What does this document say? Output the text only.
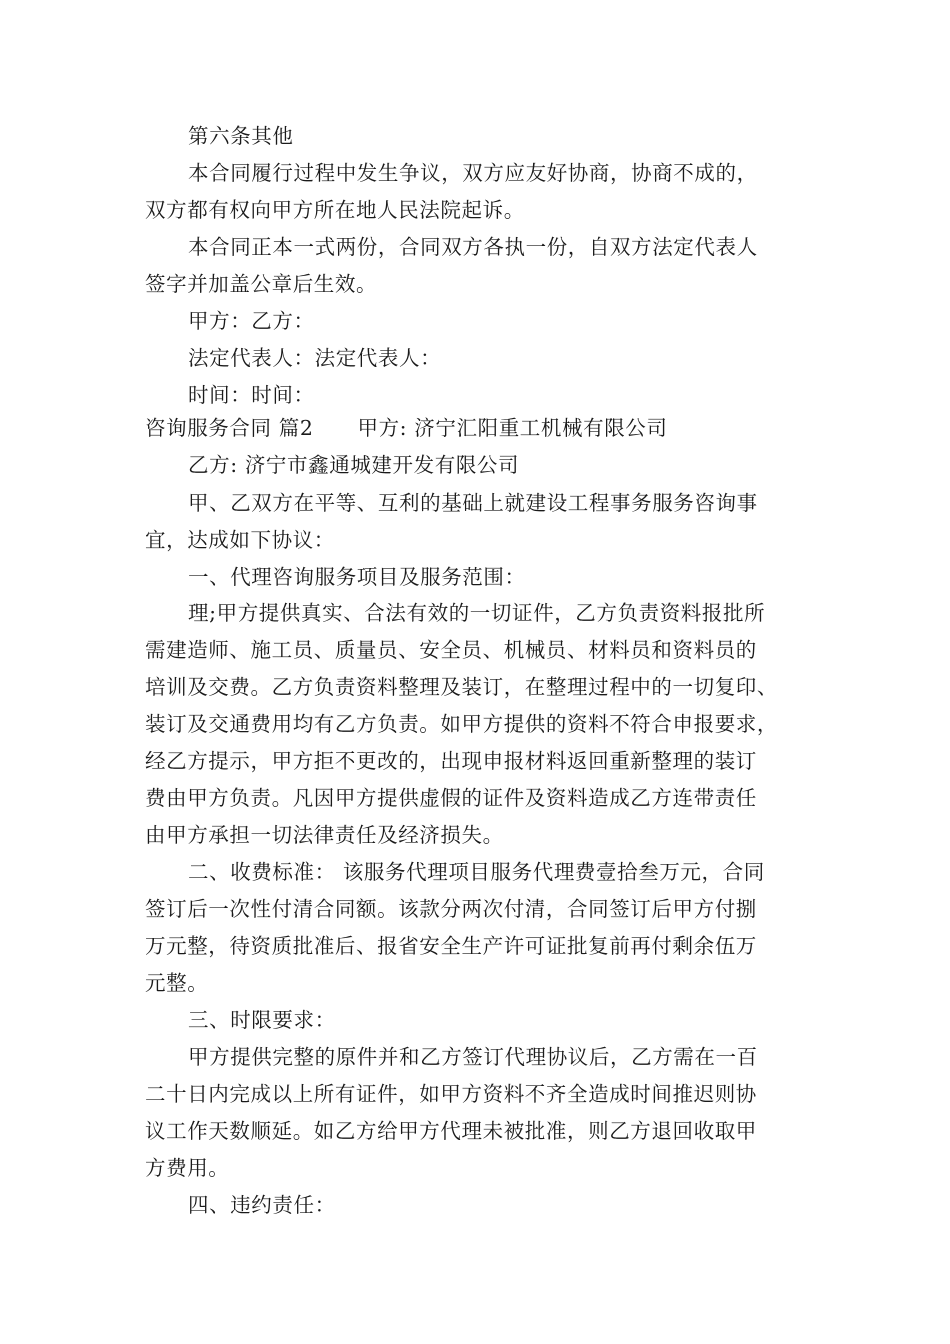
第六条其他
本合同履行过程中发生争议，双方应友好协商，协商不成的，
双方都有权向甲方所在地人民法院起诉。
本合同正本一式两份，合同双方各执一份，自双方法定代表人
签字并加盖公章后生效。
甲方：乙方：
法定代表人：法定代表人：
时间：时间：
咨询服务合同 篇2 甲方: 济宁汇阳重工机械有限公司
乙方: 济宁市鑫通城建开发有限公司
甲、乙双方在平等、互利的基础上就建设工程事务服务咨询事
宜，达成如下协议：
一、代理咨询服务项目及服务范围：
理;甲方提供真实、合法有效的一切证件，乙方负责资料报批所
需建造师、施工员、质量员、安全员、机械员、材料员和资料员的
培训及交费。乙方负责资料整理及装订，在整理过程中的一切复印、
装订及交通费用均有乙方负责。如甲方提供的资料不符合申报要求，
经乙方提示，甲方拒不更改的，出现申报材料返回重新整理的装订
费由甲方负责。凡因甲方提供虚假的证件及资料造成乙方连带责任
由甲方承担一切法律责任及经济损失。
二、收费标准： 该服务代理项目服务代理费壹拾叁万元，合同
签订后一次性付清合同额。该款分两次付清，合同签订后甲方付捌
万元整，待资质批准后、报省安全生产许可证批复前再付剩余伍万
元整。
三、时限要求：
甲方提供完整的原件并和乙方签订代理协议后，乙方需在一百
二十日内完成以上所有证件，如甲方资料不齐全造成时间推迟则协
议工作天数顺延。如乙方给甲方代理未被批准，则乙方退回收取甲
方费用。
四、违约责任：
